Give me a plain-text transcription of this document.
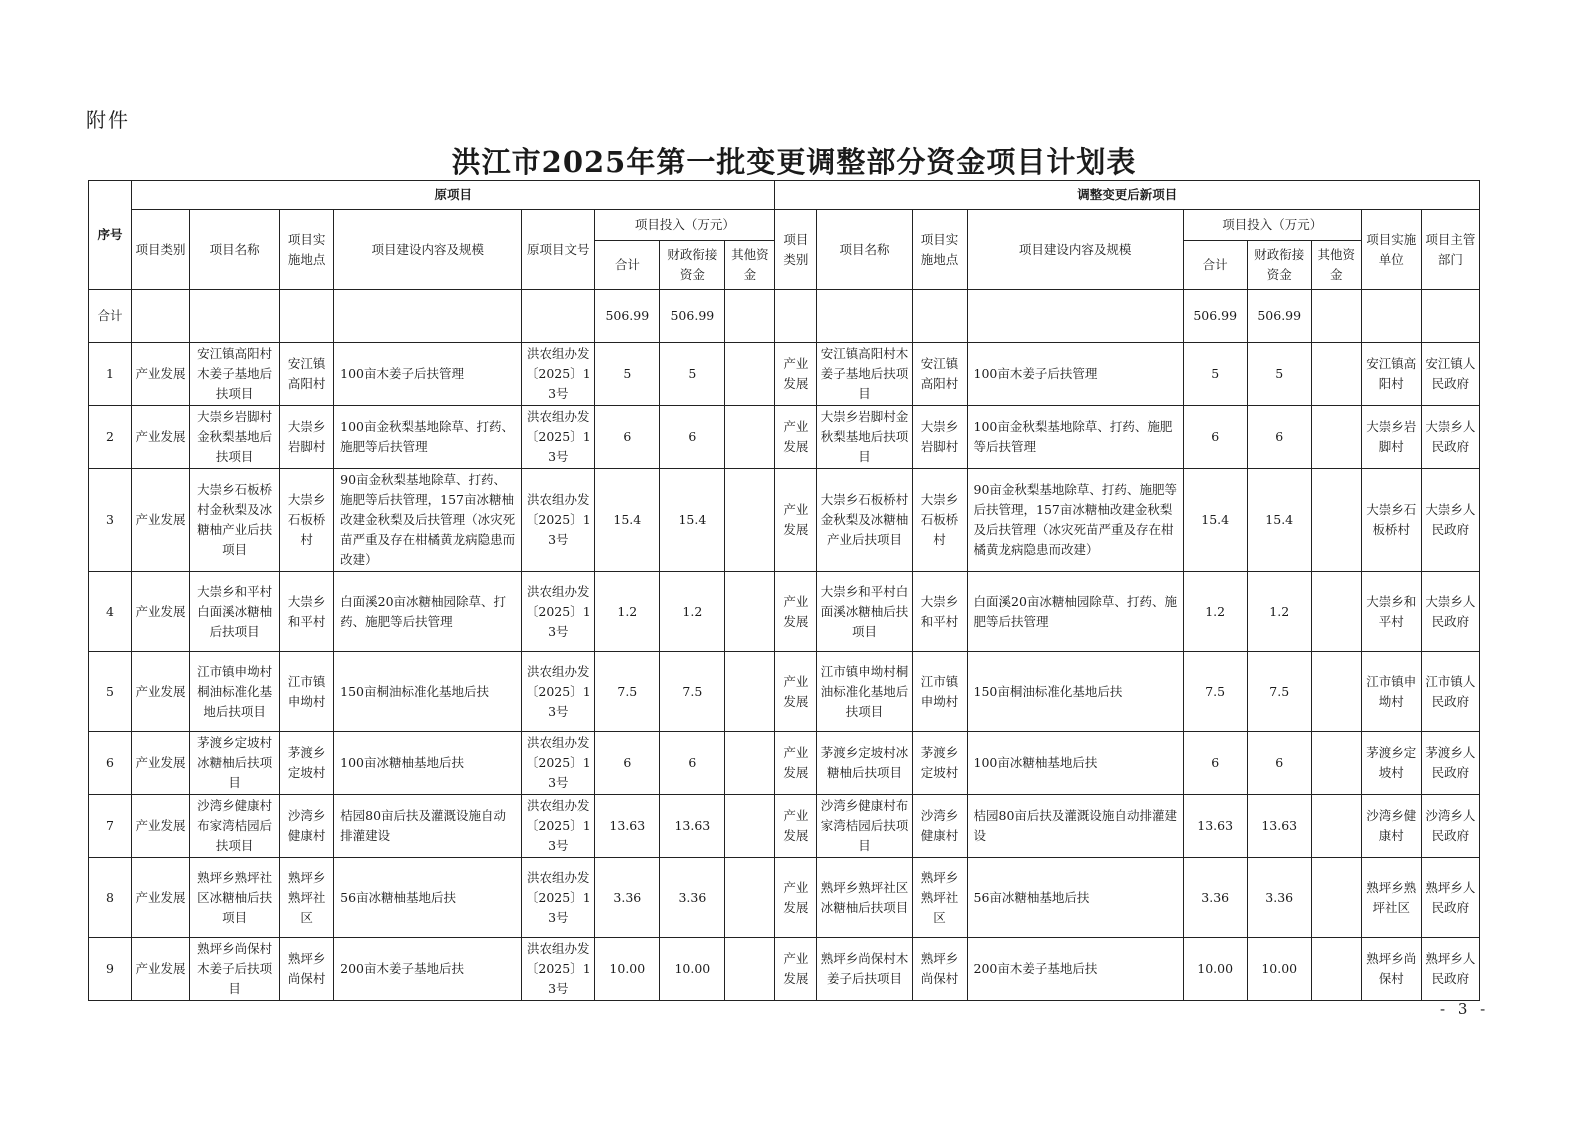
附件
洪江市2025年第一批变更调整部分资金项目计划表
序号	原项目								调整变更后新项目								
	项目类别	项目名称	项目实施地点	项目建设内容及规模	原项目文号	项目投入（万元）			项目类别	项目名称	项目实施地点	项目建设内容及规模	项目投入（万元）			项目实施单位	项目主管部门
						合计	财政衔接资金	其他资金					合计	财政衔接资金	其他资金		
合计						506.99	506.99						506.99	506.99			
1	产业发展	安江镇高阳村木姜子基地后扶项目	安江镇高阳村	100亩木姜子后扶管理	洪农组办发〔2025〕13号	5	5		产业发展	安江镇高阳村木姜子基地后扶项目	安江镇高阳村	100亩木姜子后扶管理	5	5		安江镇高阳村	安江镇人民政府
2	产业发展	大崇乡岩脚村金秋梨基地后扶项目	大崇乡岩脚村	100亩金秋梨基地除草、打药、施肥等后扶管理	洪农组办发〔2025〕13号	6	6		产业发展	大崇乡岩脚村金秋梨基地后扶项目	大崇乡岩脚村	100亩金秋梨基地除草、打药、施肥等后扶管理	6	6		大崇乡岩脚村	大崇乡人民政府
3	产业发展	大崇乡石板桥村金秋梨及冰糖柚产业后扶项目	大崇乡石板桥村	90亩金秋梨基地除草、打药、施肥等后扶管理，157亩冰糖柚改建金秋梨及后扶管理（冰灾死苗严重及存在柑橘黄龙病隐患而改建）	洪农组办发〔2025〕13号	15.4	15.4		产业发展	大崇乡石板桥村金秋梨及冰糖柚产业后扶项目	大崇乡石板桥村	90亩金秋梨基地除草、打药、施肥等后扶管理，157亩冰糖柚改建金秋梨及后扶管理（冰灾死苗严重及存在柑橘黄龙病隐患而改建）	15.4	15.4		大崇乡石板桥村	大崇乡人民政府
4	产业发展	大崇乡和平村白面溪冰糖柚后扶项目	大崇乡和平村	白面溪20亩冰糖柚园除草、打药、施肥等后扶管理	洪农组办发〔2025〕13号	1.2	1.2		产业发展	大崇乡和平村白面溪冰糖柚后扶项目	大崇乡和平村	白面溪20亩冰糖柚园除草、打药、施肥等后扶管理	1.2	1.2		大崇乡和平村	大崇乡人民政府
5	产业发展	江市镇申坳村桐油标准化基地后扶项目	江市镇申坳村	150亩桐油标准化基地后扶	洪农组办发〔2025〕13号	7.5	7.5		产业发展	江市镇申坳村桐油标准化基地后扶项目	江市镇申坳村	150亩桐油标准化基地后扶	7.5	7.5		江市镇申坳村	江市镇人民政府
6	产业发展	茅渡乡定坡村冰糖柚后扶项目	茅渡乡定坡村	100亩冰糖柚基地后扶	洪农组办发〔2025〕13号	6	6		产业发展	茅渡乡定坡村冰糖柚后扶项目	茅渡乡定坡村	100亩冰糖柚基地后扶	6	6		茅渡乡定坡村	茅渡乡人民政府
7	产业发展	沙湾乡健康村布家湾桔园后扶项目	沙湾乡健康村	桔园80亩后扶及灌溉设施自动排灌建设	洪农组办发〔2025〕13号	13.63	13.63		产业发展	沙湾乡健康村布家湾桔园后扶项目	沙湾乡健康村	桔园80亩后扶及灌溉设施自动排灌建设	13.63	13.63		沙湾乡健康村	沙湾乡人民政府
8	产业发展	熟坪乡熟坪社区冰糖柚后扶项目	熟坪乡熟坪社区	56亩冰糖柚基地后扶	洪农组办发〔2025〕13号	3.36	3.36		产业发展	熟坪乡熟坪社区冰糖柚后扶项目	熟坪乡熟坪社区	56亩冰糖柚基地后扶	3.36	3.36		熟坪乡熟坪社区	熟坪乡人民政府
9	产业发展	熟坪乡尚保村木姜子后扶项目	熟坪乡尚保村	200亩木姜子基地后扶	洪农组办发〔2025〕13号	10.00	10.00		产业发展	熟坪乡尚保村木姜子后扶项目	熟坪乡尚保村	200亩木姜子基地后扶	10.00	10.00		熟坪乡尚保村	熟坪乡人民政府
- 3 -
